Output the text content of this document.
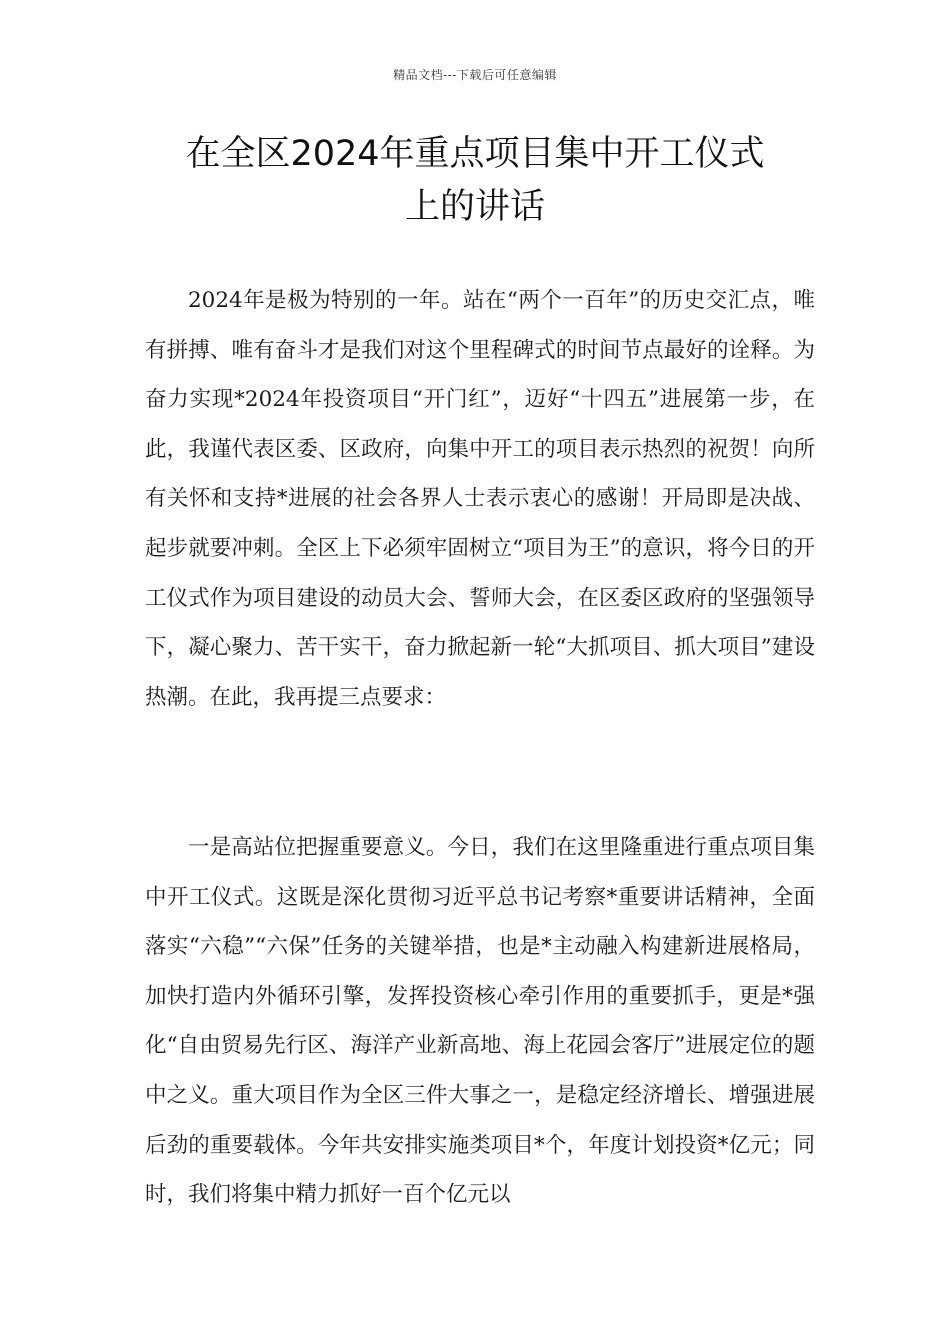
精品文档---下载后可任意编辑
在全区2024年重点项目集中开工仪式
上的讲话

2024年是极为特别的一年。站在“两个一百年”的历史交汇点，唯有拼搏、唯有奋斗才是我们对这个里程碑式的时间节点最好的诠释。为奋力实现*2024年投资项目“开门红”，迈好“十四五”进展第一步，在此，我谨代表区委、区政府，向集中开工的项目表示热烈的祝贺！向所有关怀和支持*进展的社会各界人士表示衷心的感谢！开局即是决战、起步就要冲刺。全区上下必须牢固树立“项目为王”的意识，将今日的开工仪式作为项目建设的动员大会、誓师大会，在区委区政府的坚强领导下，凝心聚力、苦干实干，奋力掀起新一轮“大抓项目、抓大项目”建设热潮。在此，我再提三点要求：

一是高站位把握重要意义。今日，我们在这里隆重进行重点项目集中开工仪式。这既是深化贯彻习近平总书记考察*重要讲话精神，全面落实“六稳”“六保”任务的关键举措，也是*主动融入构建新进展格局，加快打造内外循环引擎，发挥投资核心牵引作用的重要抓手，更是*强化“自由贸易先行区、海洋产业新高地、海上花园会客厅”进展定位的题中之义。重大项目作为全区三件大事之一，是稳定经济增长、增强进展后劲的重要载体。今年共安排实施类项目*个，年度计划投资*亿元；同时，我们将集中精力抓好一百个亿元以
